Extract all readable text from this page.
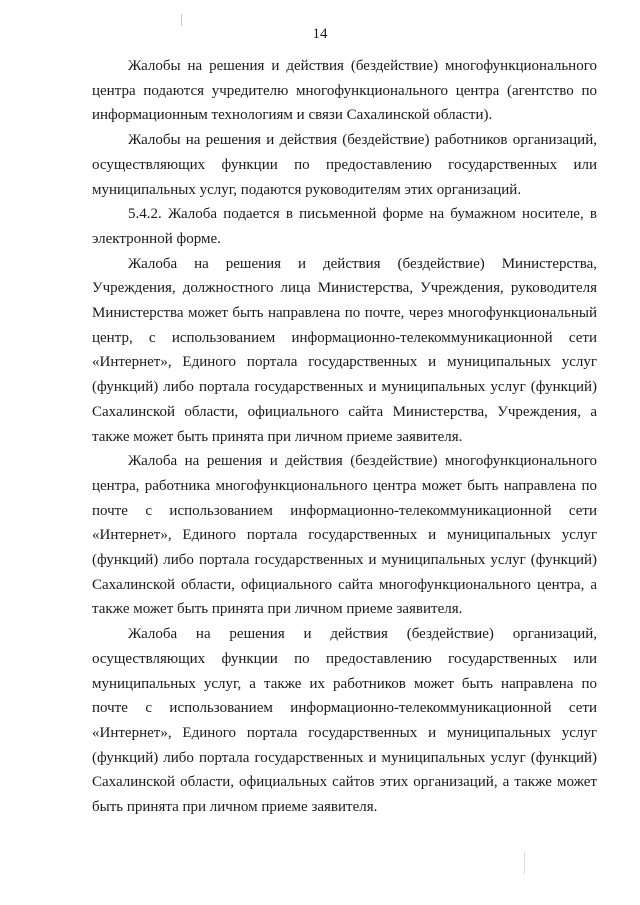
14

Жалобы на решения и действия (бездействие) многофункционального центра подаются учредителю многофункционального центра (агентство по информационным технологиям и связи Сахалинской области).

Жалобы на решения и действия (бездействие) работников организаций, осуществляющих функции по предоставлению государственных или муниципальных услуг, подаются руководителям этих организаций.

5.4.2. Жалоба подается в письменной форме на бумажном носителе, в электронной форме.

Жалоба на решения и действия (бездействие) Министерства, Учреждения, должностного лица Министерства, Учреждения, руководителя Министерства может быть направлена по почте, через многофункциональный центр, с использованием информационно-телекоммуникационной сети «Интернет», Единого портала государственных и муниципальных услуг (функций) либо портала государственных и муниципальных услуг (функций) Сахалинской области, официального сайта Министерства, Учреждения, а также может быть принята при личном приеме заявителя.

Жалоба на решения и действия (бездействие) многофункционального центра, работника многофункционального центра может быть направлена по почте с использованием информационно-телекоммуникационной сети «Интернет», Единого портала государственных и муниципальных услуг (функций) либо портала государственных и муниципальных услуг (функций) Сахалинской области, официального сайта многофункционального центра, а также может быть принята при личном приеме заявителя.

Жалоба на решения и действия (бездействие) организаций, осуществляющих функции по предоставлению государственных или муниципальных услуг, а также их работников может быть направлена по почте с использованием информационно-телекоммуникационной сети «Интернет», Единого портала государственных и муниципальных услуг (функций) либо портала государственных и муниципальных услуг (функций) Сахалинской области, официальных сайтов этих организаций, а также может быть принята при личном приеме заявителя.
